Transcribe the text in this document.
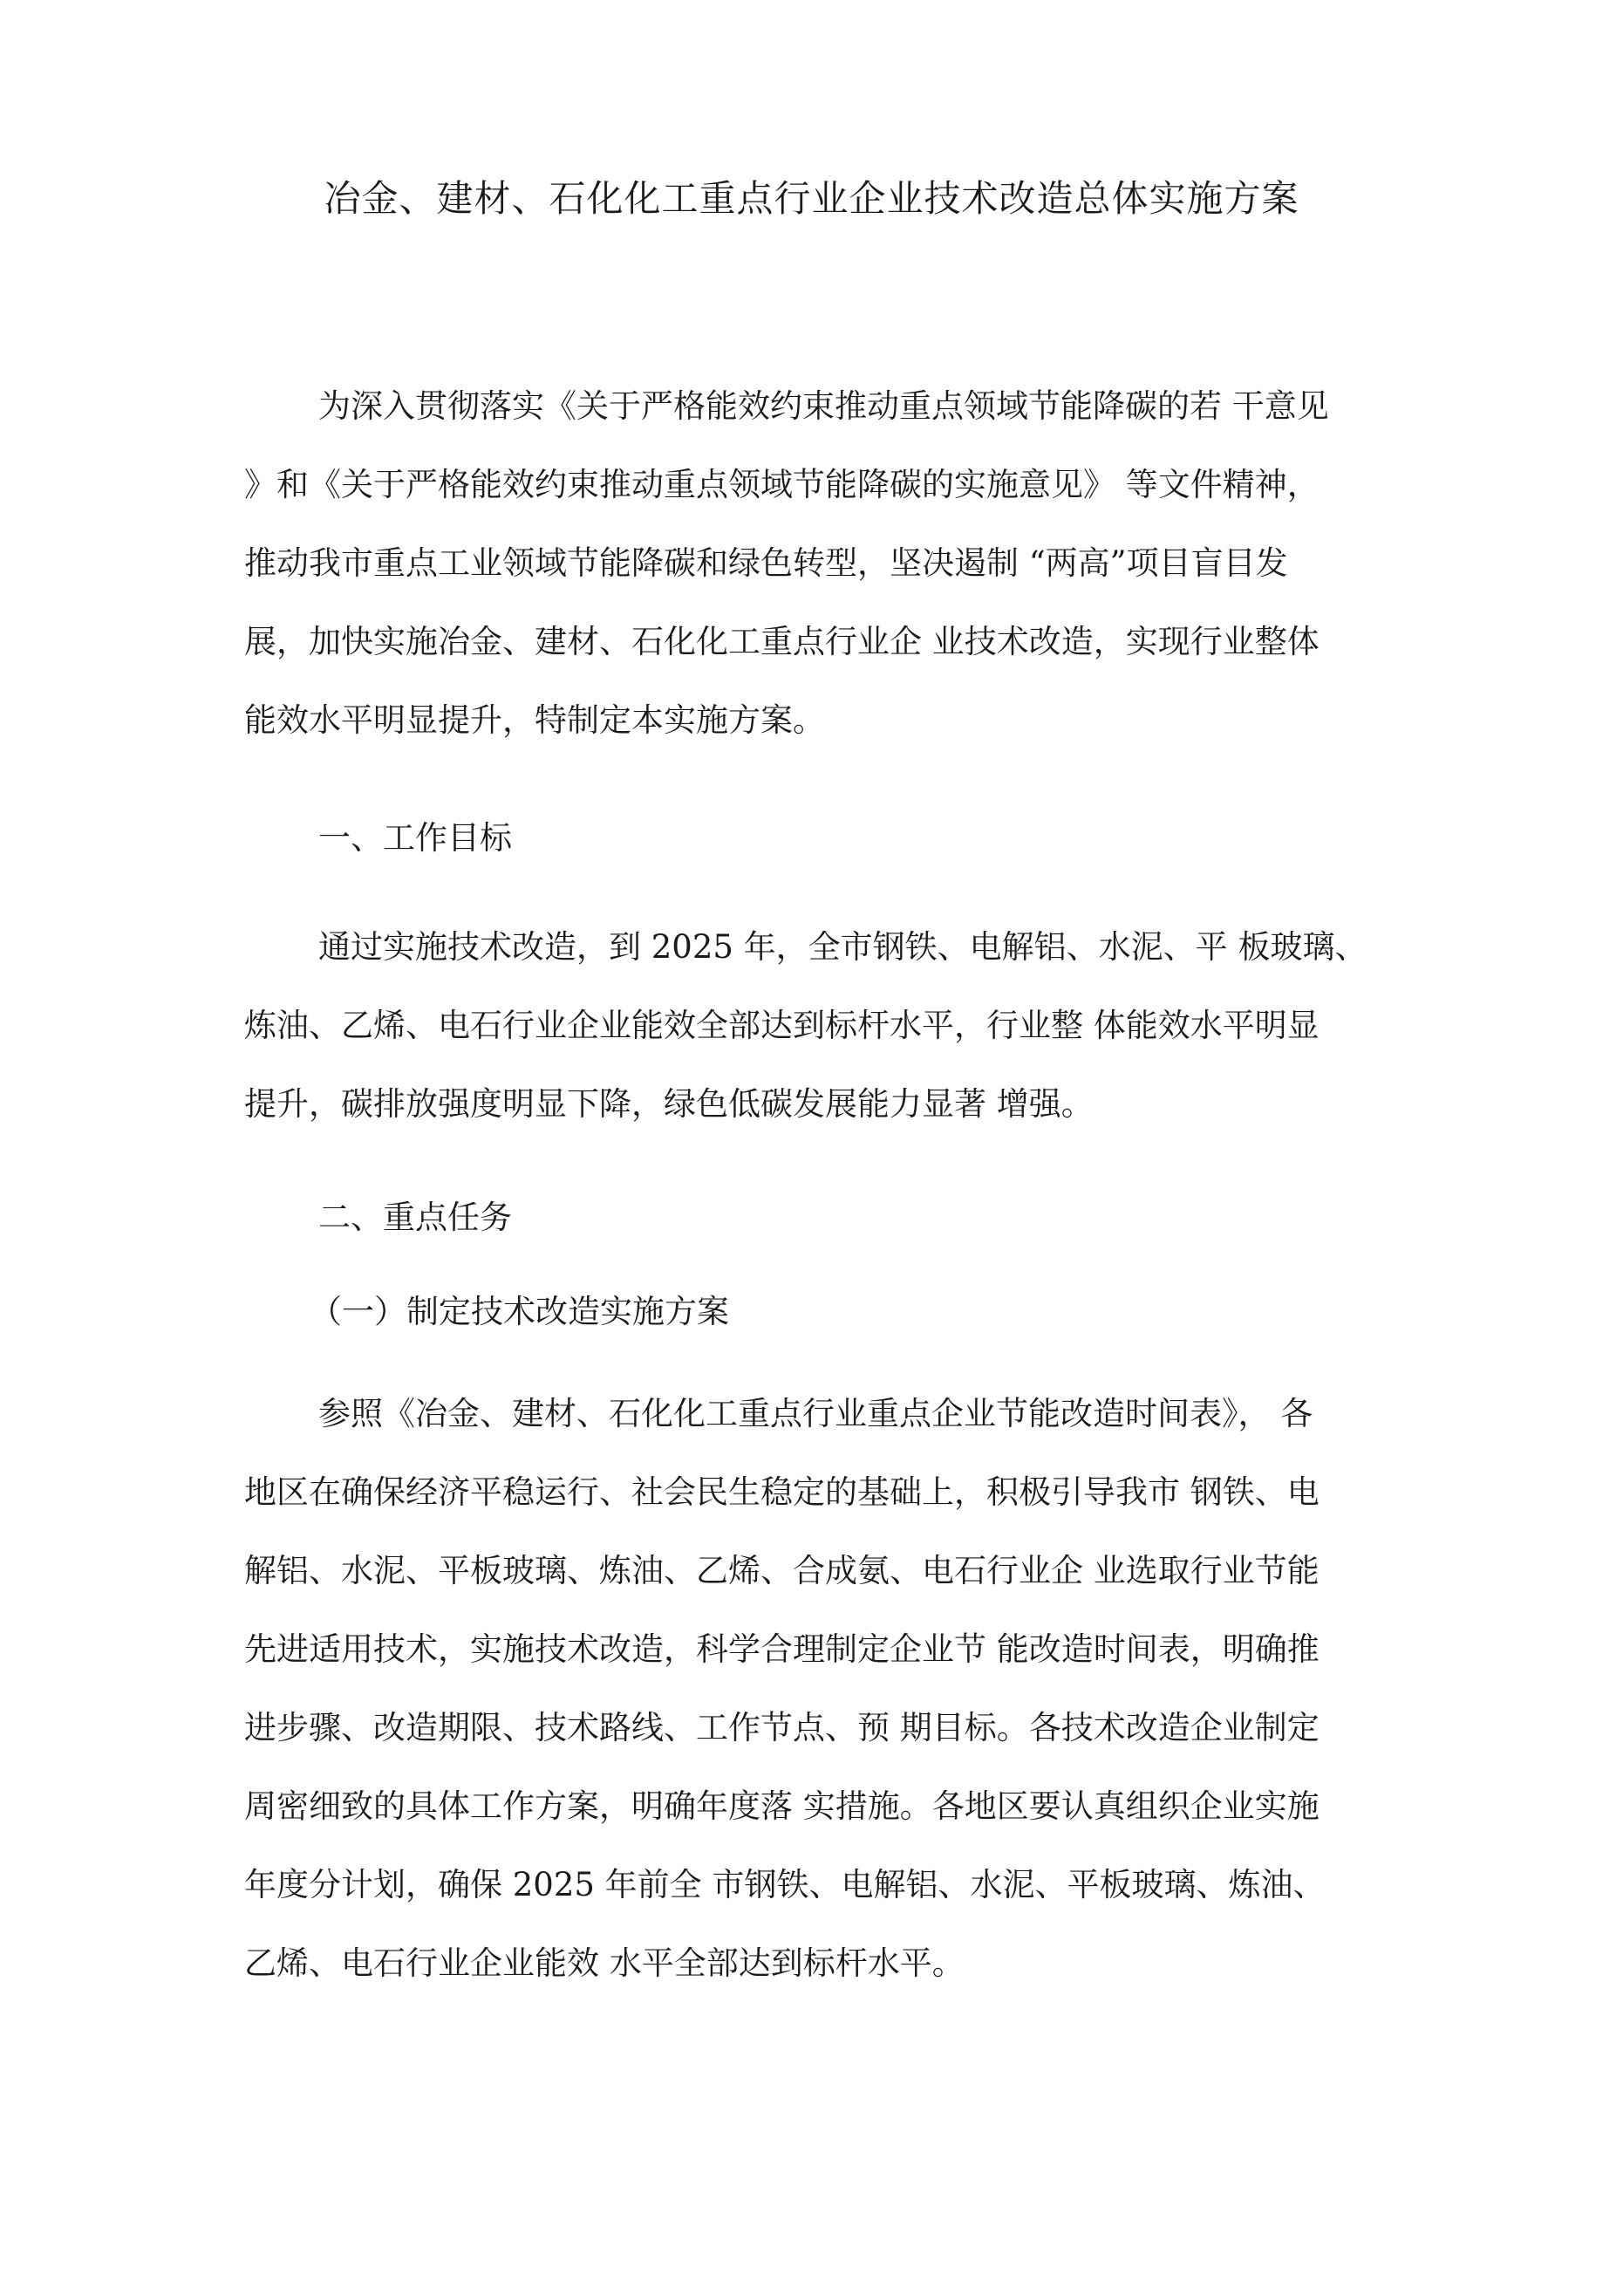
冶金、建材、石化化工重点行业企业技术改造总体实施方案
为深入贯彻落实《关于严格能效约束推动重点领域节能降碳的若 干意见
》和《关于严格能效约束推动重点领域节能降碳的实施意见》 等文件精神，
推动我市重点工业领域节能降碳和绿色转型，坚决遏制 “两高”项目盲目发
展，加快实施冶金、建材、石化化工重点行业企 业技术改造，实现行业整体
能效水平明显提升，特制定本实施方案。
一、工作目标
通过实施技术改造，到 2025 年，全市钢铁、电解铝、水泥、平 板玻璃、
炼油、乙烯、电石行业企业能效全部达到标杆水平，行业整 体能效水平明显
提升，碳排放强度明显下降，绿色低碳发展能力显著 增强。
二、重点任务
（一）制定技术改造实施方案
参照《冶金、建材、石化化工重点行业重点企业节能改造时间表》， 各
地区在确保经济平稳运行、社会民生稳定的基础上，积极引导我市 钢铁、电
解铝、水泥、平板玻璃、炼油、乙烯、合成氨、电石行业企 业选取行业节能
先进适用技术，实施技术改造，科学合理制定企业节 能改造时间表，明确推
进步骤、改造期限、技术路线、工作节点、预 期目标。各技术改造企业制定
周密细致的具体工作方案，明确年度落 实措施。各地区要认真组织企业实施
年度分计划，确保 2025 年前全 市钢铁、电解铝、水泥、平板玻璃、炼油、
乙烯、电石行业企业能效 水平全部达到标杆水平。
